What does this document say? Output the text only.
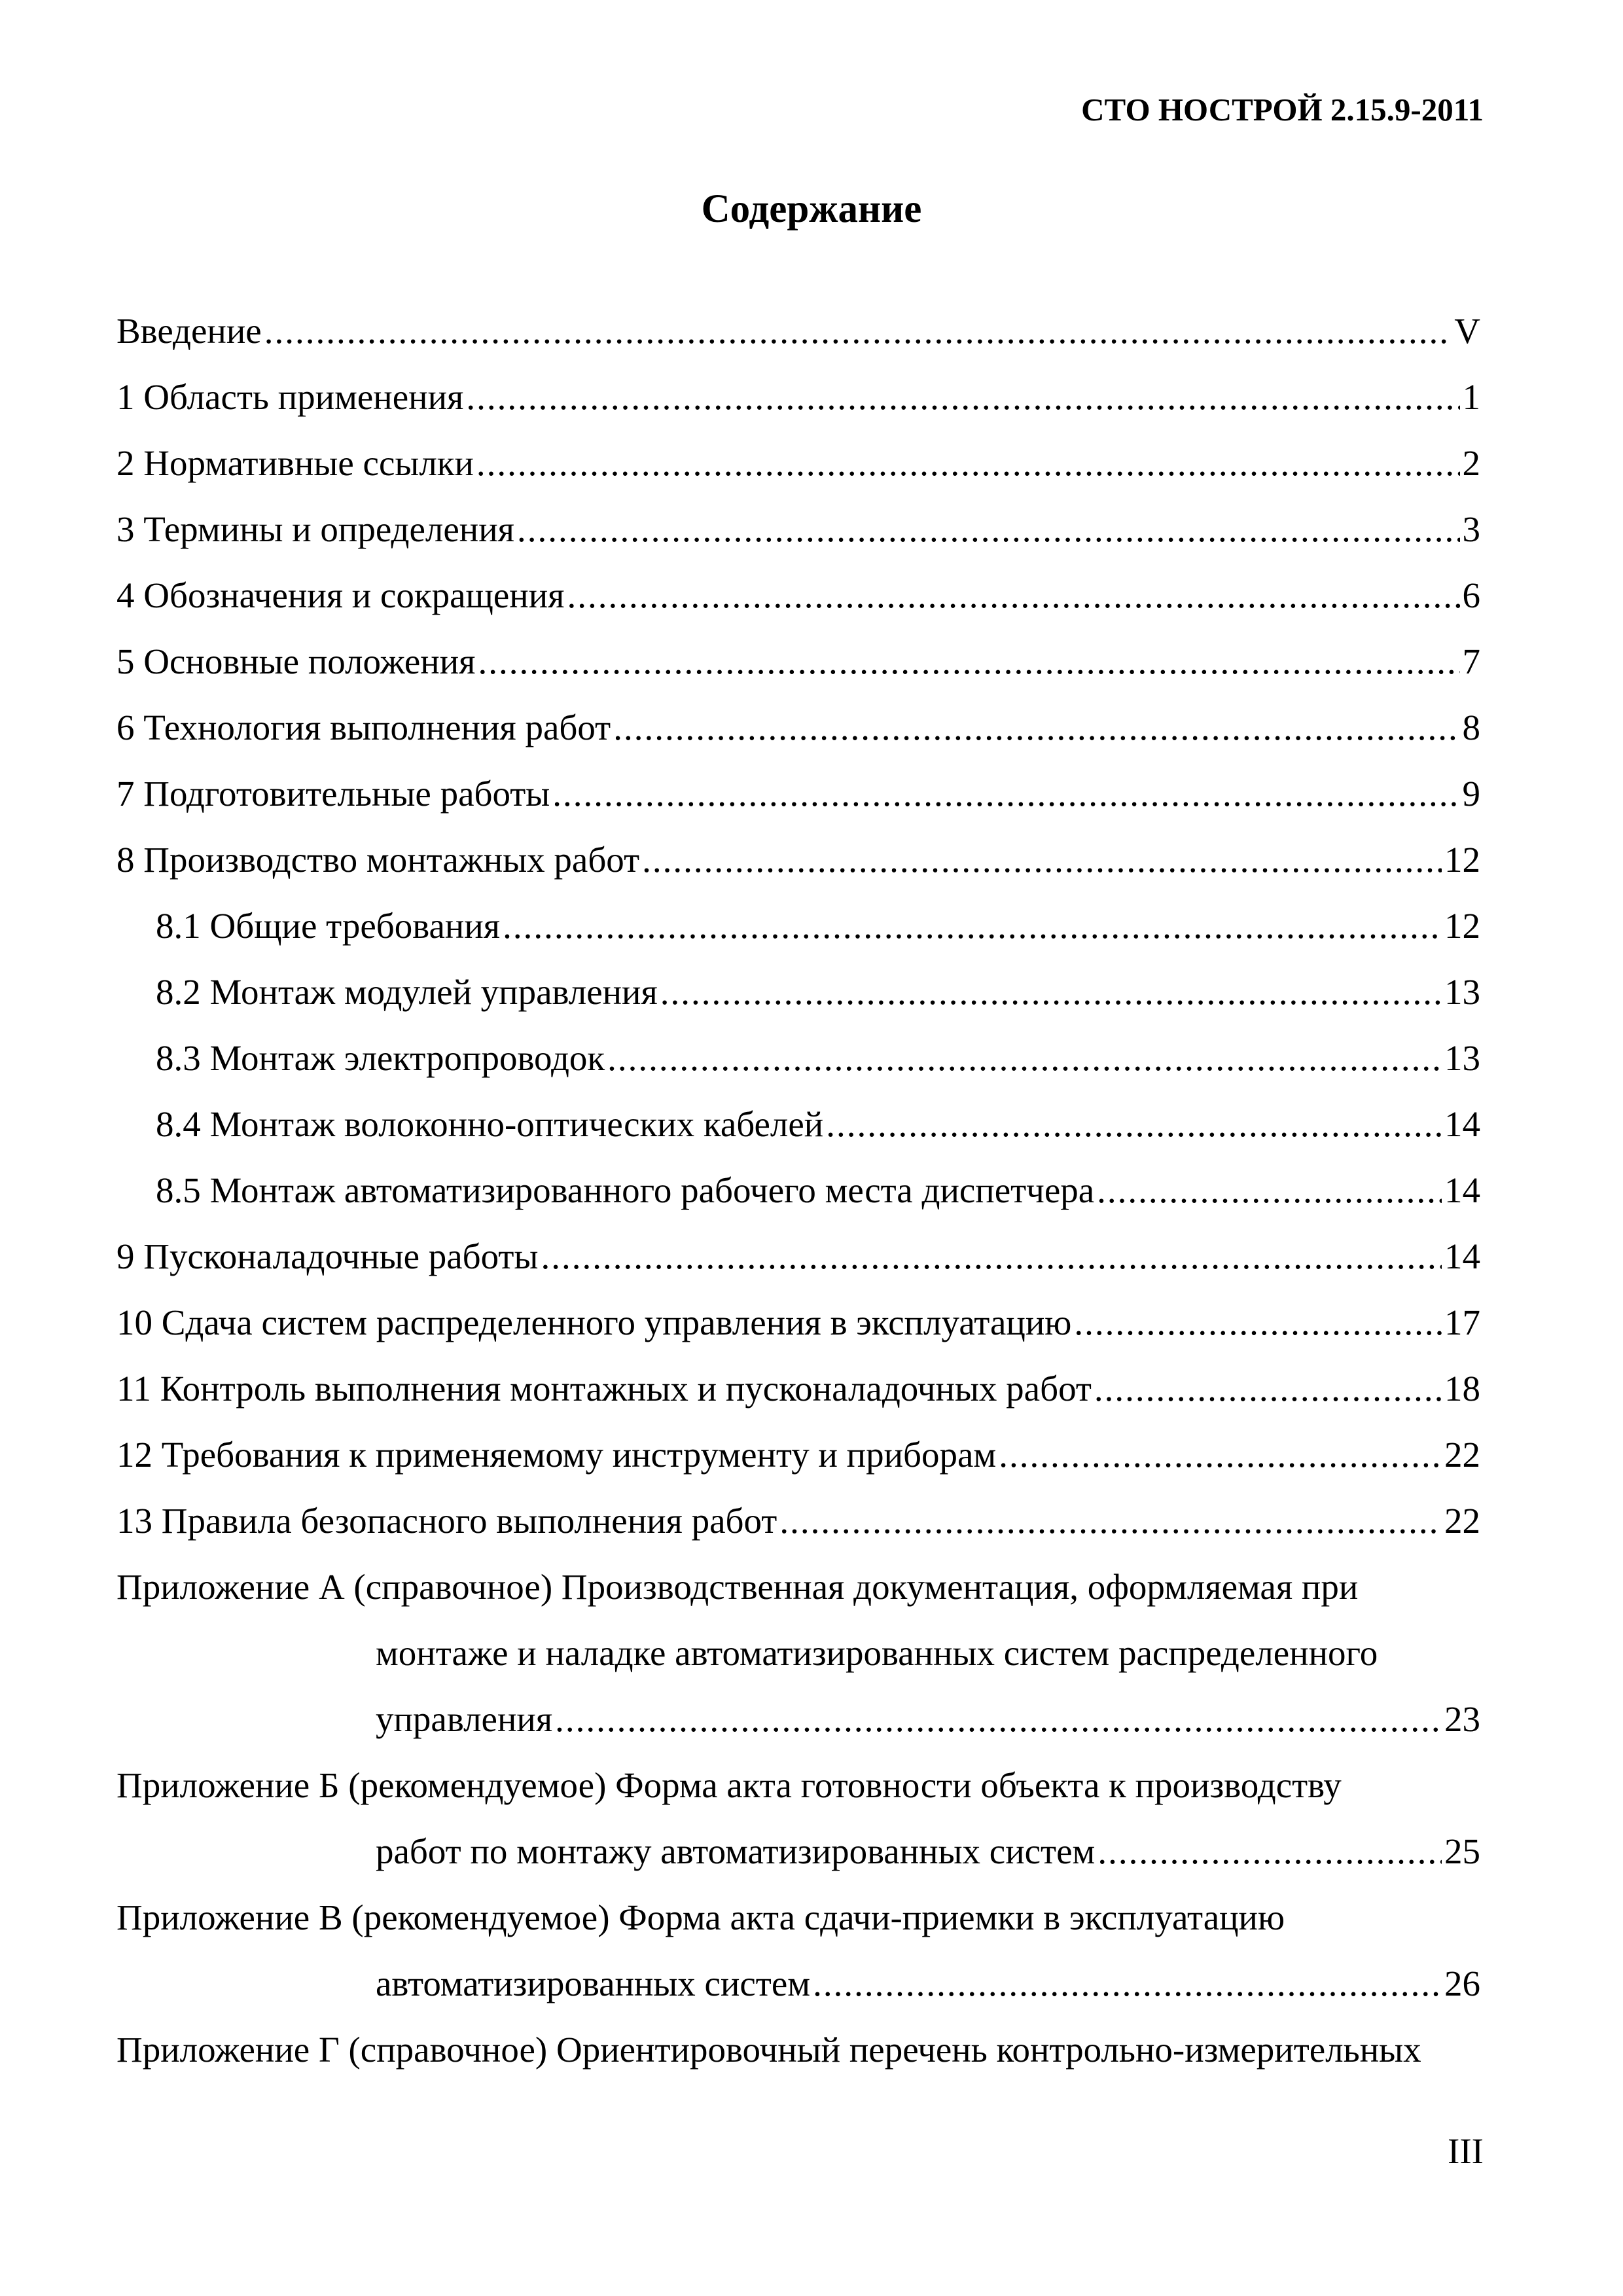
СТО НОСТРОЙ 2.15.9-2011
Содержание
Введение .....	V
1 Область применения .....	1
2 Нормативные ссылки .....	2
3 Термины и определения .....	3
4 Обозначения и сокращения .....	6
5 Основные положения .....	7
6 Технология выполнения работ .....	8
7 Подготовительные работы .....	9
8 Производство монтажных работ .....	12
8.1 Общие требования .....	12
8.2 Монтаж модулей управления .....	13
8.3 Монтаж электропроводок .....	13
8.4 Монтаж волоконно-оптических кабелей .....	14
8.5 Монтаж автоматизированного рабочего места диспетчера .....	14
9 Пусконаладочные работы .....	14
10 Сдача систем распределенного управления в эксплуатацию .....	17
11 Контроль выполнения монтажных и пусконаладочных работ .....	18
12 Требования к применяемому инструменту и приборам .....	22
13 Правила безопасного выполнения работ .....	22
Приложение А (справочное) Производственная документация, оформляемая при
монтаже и наладке автоматизированных систем распределенного
управления .....	23
Приложение Б (рекомендуемое) Форма акта готовности объекта к производству
работ по монтажу автоматизированных систем .....	25
Приложение В (рекомендуемое) Форма акта сдачи-приемки в эксплуатацию
автоматизированных систем .....	26
Приложение Г (справочное) Ориентировочный перечень контрольно-измерительных
III
